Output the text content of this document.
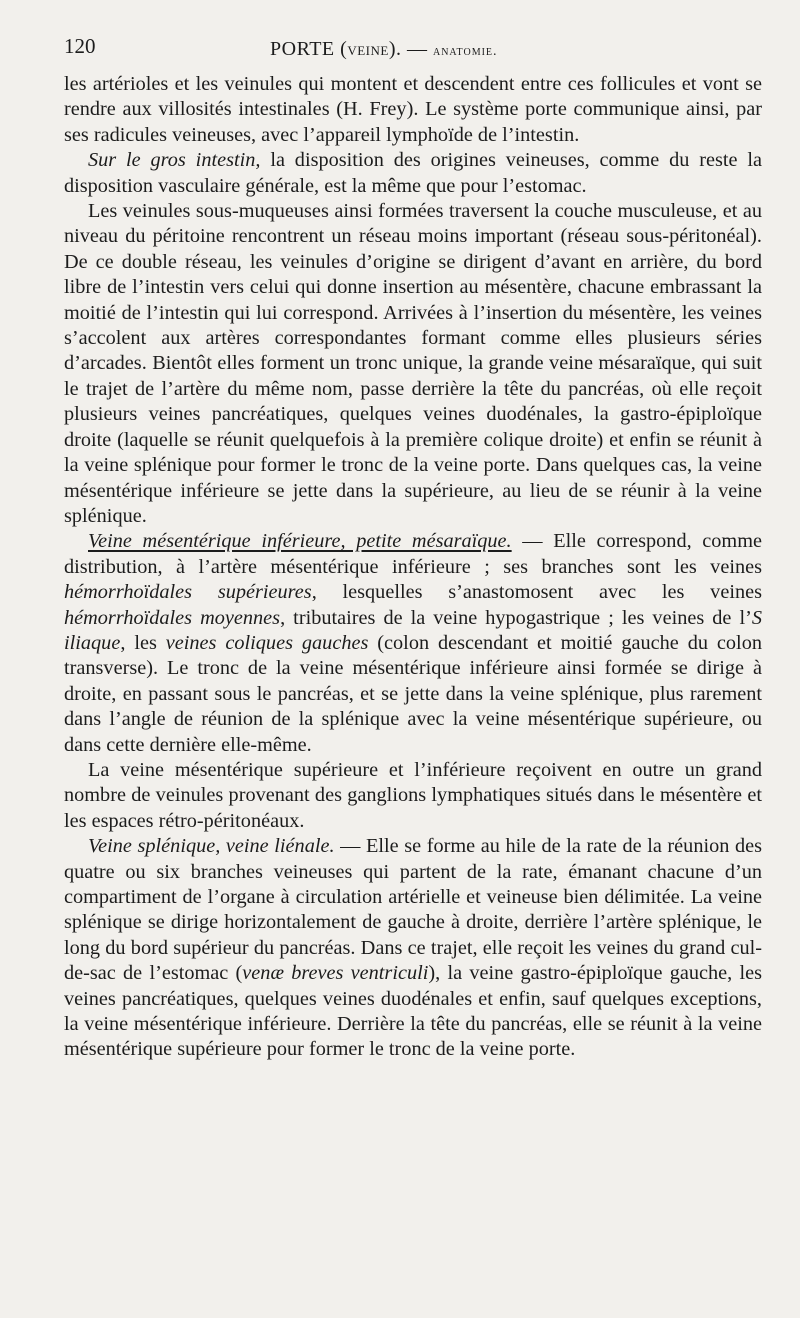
120	PORTE (veine). — anatomie.

les artérioles et les veinules qui montent et descendent entre ces follicules et vont se rendre aux villosités intestinales (H. Frey). Le système porte communique ainsi, par ses radicules veineuses, avec l’appareil lymphoïde de l’intestin.

Sur le gros intestin, la disposition des origines veineuses, comme du reste la disposition vasculaire générale, est la même que pour l’estomac.

Les veinules sous-muqueuses ainsi formées traversent la couche musculeuse, et au niveau du péritoine rencontrent un réseau moins important (réseau sous-péritonéal). De ce double réseau, les veinules d’origine se dirigent d’avant en arrière, du bord libre de l’intestin vers celui qui donne insertion au mésentère, chacune embrassant la moitié de l’intestin qui lui correspond. Arrivées à l’insertion du mésentère, les veines s’accolent aux artères correspondantes formant comme elles plusieurs séries d’arcades. Bientôt elles forment un tronc unique, la grande veine mésaraïque, qui suit le trajet de l’artère du même nom, passe derrière la tête du pancréas, où elle reçoit plusieurs veines pancréatiques, quelques veines duodénales, la gastro-épiploïque droite (laquelle se réunit quelquefois à la première colique droite) et enfin se réunit à la veine splénique pour former le tronc de la veine porte. Dans quelques cas, la veine mésentérique inférieure se jette dans la supérieure, au lieu de se réunir à la veine splénique.

Veine mésentérique inférieure, petite mésaraïque. — Elle correspond, comme distribution, à l’artère mésentérique inférieure ; ses branches sont les veines hémorrhoïdales supérieures, lesquelles s’anastomosent avec les veines hémorrhoïdales moyennes, tributaires de la veine hypogastrique ; les veines de l’S iliaque, les veines coliques gauches (colon descendant et moitié gauche du colon transverse). Le tronc de la veine mésentérique inférieure ainsi formée se dirige à droite, en passant sous le pancréas, et se jette dans la veine splénique, plus rarement dans l’angle de réunion de la splénique avec la veine mésentérique supérieure, ou dans cette dernière elle-même.

La veine mésentérique supérieure et l’inférieure reçoivent en outre un grand nombre de veinules provenant des ganglions lymphatiques situés dans le mésentère et les espaces rétro-péritonéaux.

Veine splénique, veine liénale. — Elle se forme au hile de la rate de la réunion des quatre ou six branches veineuses qui partent de la rate, émanant chacune d’un compartiment de l’organe à circulation artérielle et veineuse bien délimitée. La veine splénique se dirige horizontalement de gauche à droite, derrière l’artère splénique, le long du bord supérieur du pancréas. Dans ce trajet, elle reçoit les veines du grand cul-de-sac de l’estomac (venæ breves ventriculi), la veine gastro-épiploïque gauche, les veines pancréatiques, quelques veines duodénales et enfin, sauf quelques exceptions, la veine mésentérique inférieure. Derrière la tête du pancréas, elle se réunit à la veine mésentérique supérieure pour former le tronc de la veine porte.
